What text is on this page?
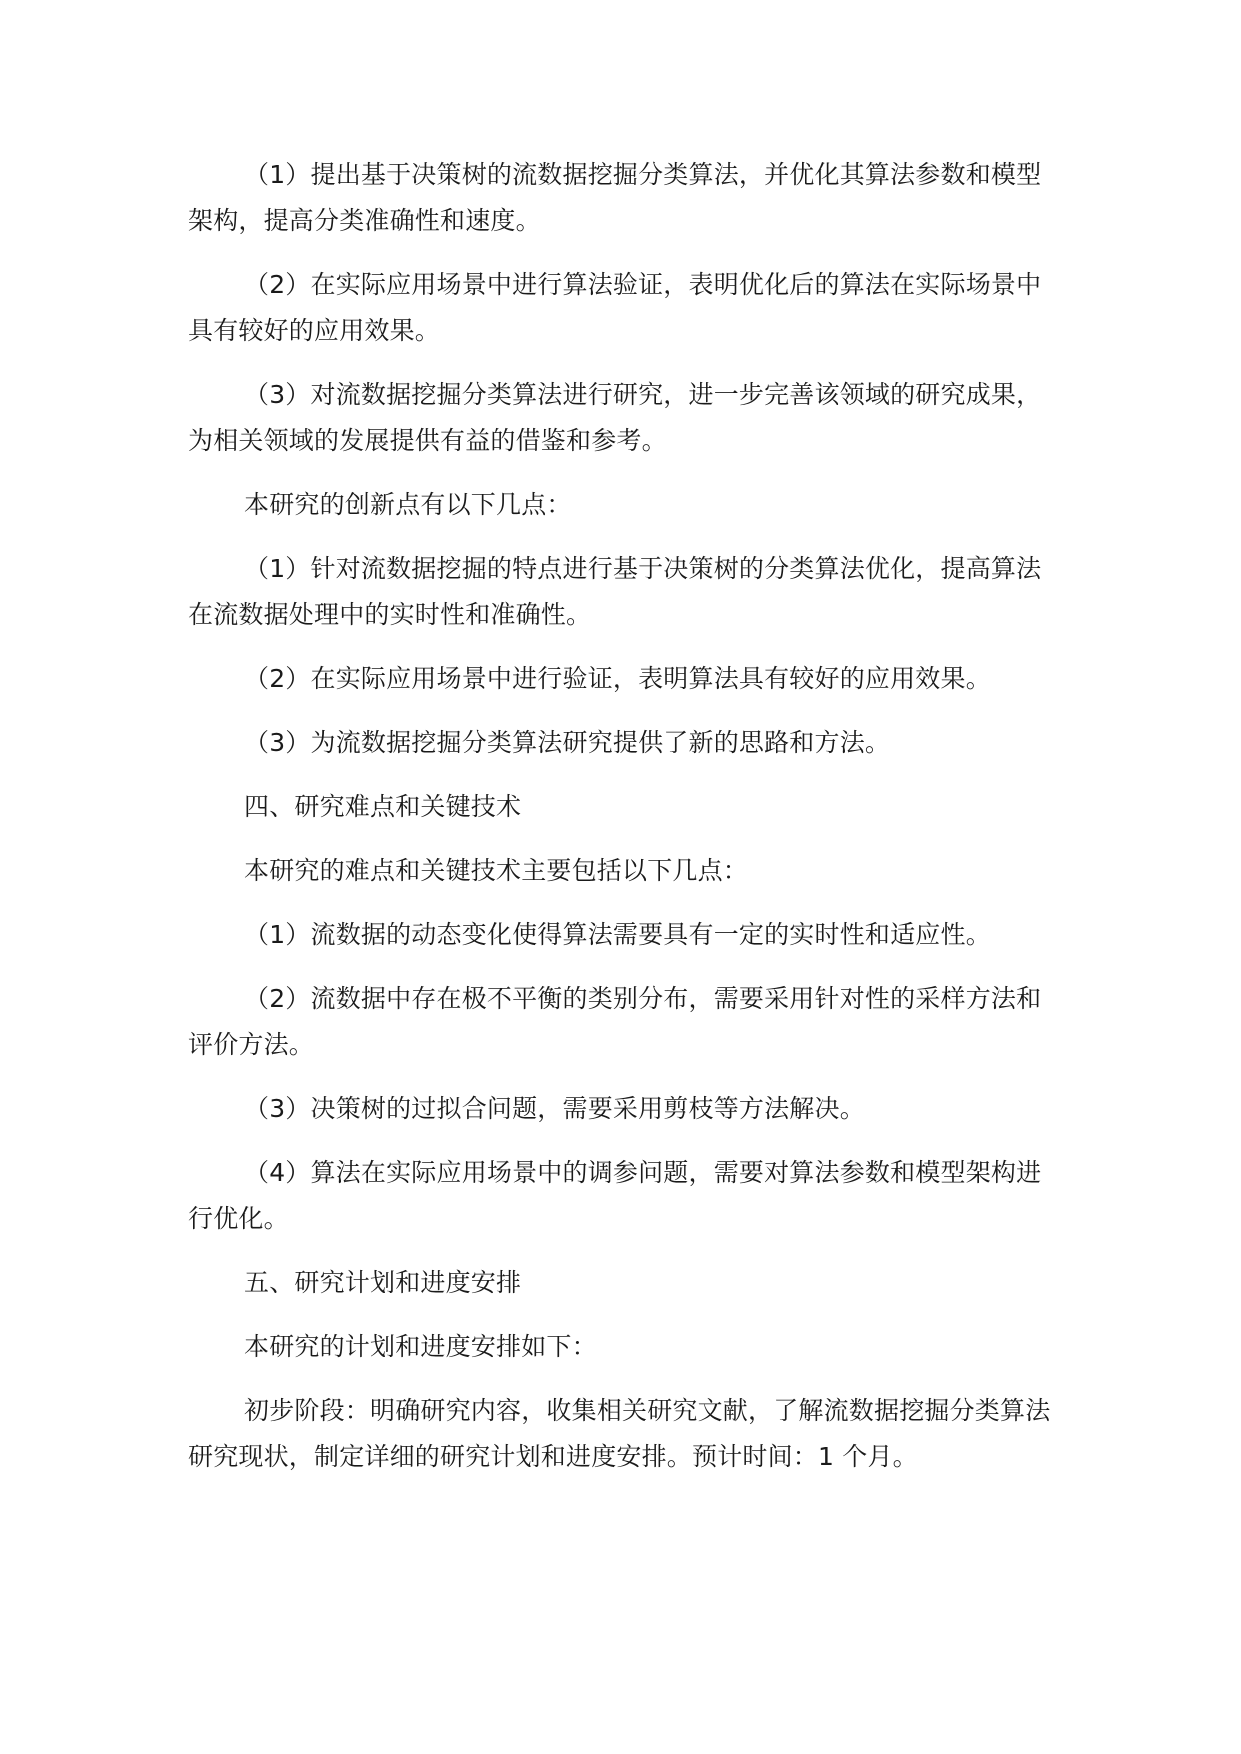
（1）提出基于决策树的流数据挖掘分类算法，并优化其算法参数和模型架构，提高分类准确性和速度。

（2）在实际应用场景中进行算法验证，表明优化后的算法在实际场景中具有较好的应用效果。

（3）对流数据挖掘分类算法进行研究，进一步完善该领域的研究成果，为相关领域的发展提供有益的借鉴和参考。

本研究的创新点有以下几点：

（1）针对流数据挖掘的特点进行基于决策树的分类算法优化，提高算法在流数据处理中的实时性和准确性。

（2）在实际应用场景中进行验证，表明算法具有较好的应用效果。

（3）为流数据挖掘分类算法研究提供了新的思路和方法。

四、研究难点和关键技术

本研究的难点和关键技术主要包括以下几点：

（1）流数据的动态变化使得算法需要具有一定的实时性和适应性。

（2）流数据中存在极不平衡的类别分布，需要采用针对性的采样方法和评价方法。

（3）决策树的过拟合问题，需要采用剪枝等方法解决。

（4）算法在实际应用场景中的调参问题，需要对算法参数和模型架构进行优化。

五、研究计划和进度安排

本研究的计划和进度安排如下：

初步阶段：明确研究内容，收集相关研究文献，了解流数据挖掘分类算法研究现状，制定详细的研究计划和进度安排。预计时间：1 个月。
